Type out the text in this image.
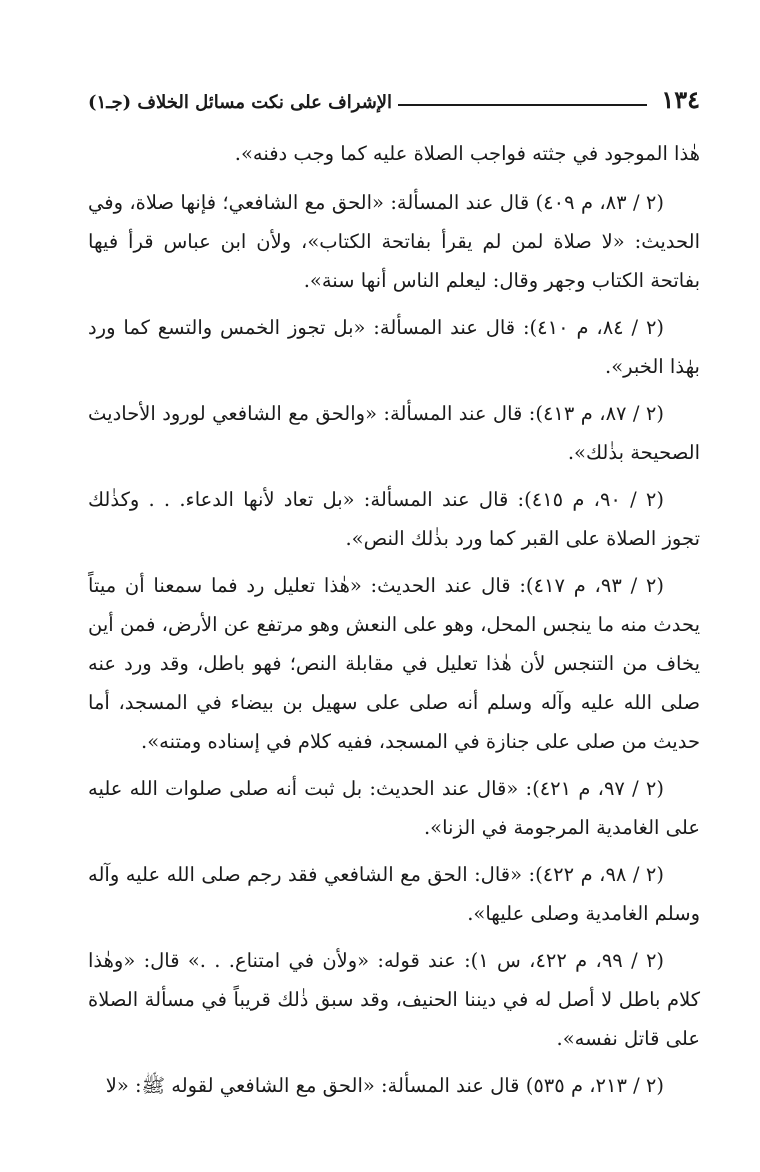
١٣٤
الإشراف على نكت مسائل الخلاف (جـ١)

هٰذا الموجود في جثته فواجب الصلاة عليه كما وجب دفنه».

(٢ / ٨٣، م ٤٠٩) قال عند المسألة: «الحق مع الشافعي؛ فإنها صلاة، وفي الحديث: «لا صلاة لمن لم يقرأ بفاتحة الكتاب»، ولأن ابن عباس قرأ فيها بفاتحة الكتاب وجهر وقال: ليعلم الناس أنها سنة».

(٢ / ٨٤، م ٤١٠): قال عند المسألة: «بل تجوز الخمس والتسع كما ورد بهٰذا الخبر».

(٢ / ٨٧، م ٤١٣): قال عند المسألة: «والحق مع الشافعي لورود الأحاديث الصحيحة بذٰلك».

(٢ / ٩٠، م ٤١٥): قال عند المسألة: «بل تعاد لأنها الدعاء. . . وكذٰلك تجوز الصلاة على القبر كما ورد بذٰلك النص».

(٢ / ٩٣، م ٤١٧): قال عند الحديث: «هٰذا تعليل رد فما سمعنا أن ميتاً يحدث منه ما ينجس المحل، وهو على النعش وهو مرتفع عن الأرض، فمن أين يخاف من التنجس لأن هٰذا تعليل في مقابلة النص؛ فهو باطل، وقد ورد عنه صلى الله عليه وآله وسلم أنه صلى على سهيل بن بيضاء في المسجد، أما حديث من صلى على جنازة في المسجد، ففيه كلام في إسناده ومتنه».

(٢ / ٩٧، م ٤٢١): «قال عند الحديث: بل ثبت أنه صلى صلوات الله عليه على الغامدية المرجومة في الزنا».

(٢ / ٩٨، م ٤٢٢): «قال: الحق مع الشافعي فقد رجم صلى الله عليه وآله وسلم الغامدية وصلى عليها».

(٢ / ٩٩، م ٤٢٢، س ١): عند قوله: «ولأن في امتناع. . .» قال: «وهٰذا كلام باطل لا أصل له في ديننا الحنيف، وقد سبق ذٰلك قريباً في مسألة الصلاة على قاتل نفسه».

(٢ / ٢١٣، م ٥٣٥) قال عند المسألة: «الحق مع الشافعي لقوله ﷺ: «لا
